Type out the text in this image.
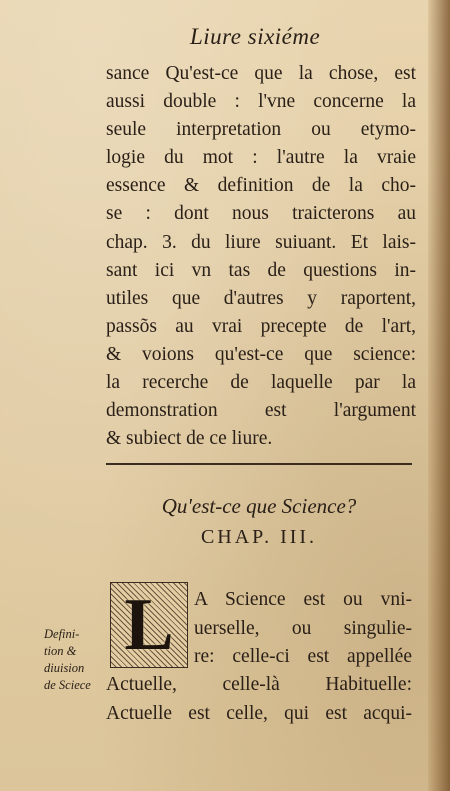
Liure sixiéme
sance Qu'est-ce que la chose, est
aussi double : l'vne concerne la
seule interpretation ou etymo-
logie du mot : l'autre la vraie
essence & definition de la cho-
se : dont nous traicterons au
chap. 3. du liure suiuant. Et lais-
sant ici vn tas de questions in-
utiles que d'autres y raportent,
passõs au vrai precepte de l'art,
& voions qu'est-ce que science:
la recerche de laquelle par la
demonstration est l'argument
& subiect de ce liure.
Qu'est-ce que Science?
CHAP. III.
Defini-
tion &
diuision
de Sciece
L	A Science est ou vni-
uerselle, ou singulie-
re: celle-ci est appellée
Actuelle, celle-là Habituelle:
Actuelle est celle, qui est acqui-
